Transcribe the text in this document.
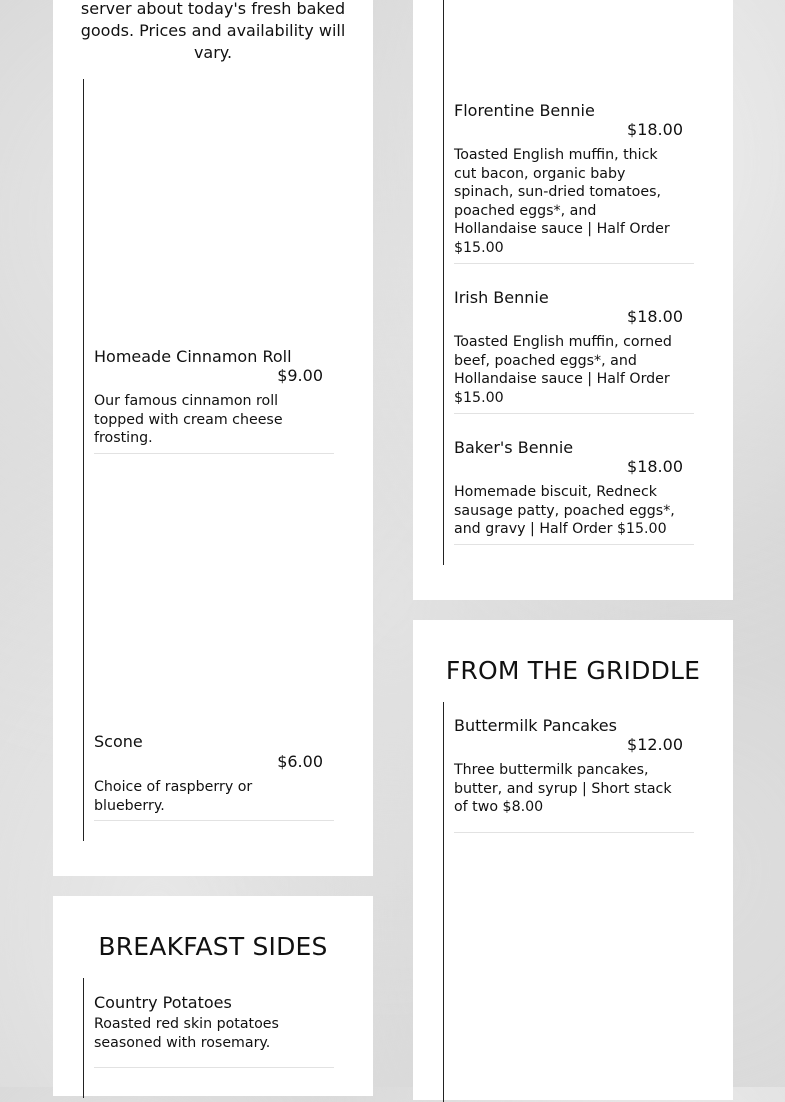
server about today's fresh baked
goods. Prices and availability will
vary.
Homeade Cinnamon Roll
$9.00
Our famous cinnamon roll topped with cream cheese frosting.
Scone
$6.00
Choice of raspberry or blueberry.
BREAKFAST SIDES
Country Potatoes
Roasted red skin potatoes seasoned with rosemary.
Florentine Bennie
$18.00
Toasted English muffin, thick cut bacon, organic baby spinach, sun-dried tomatoes, poached eggs*, and Hollandaise sauce | Half Order $15.00
Irish Bennie
$18.00
Toasted English muffin, corned beef, poached eggs*, and Hollandaise sauce | Half Order $15.00
Baker's Bennie
$18.00
Homemade biscuit, Redneck sausage patty, poached eggs*, and gravy | Half Order $15.00
FROM THE GRIDDLE
Buttermilk Pancakes
$12.00
Three buttermilk pancakes, butter, and syrup | Short stack of two $8.00
